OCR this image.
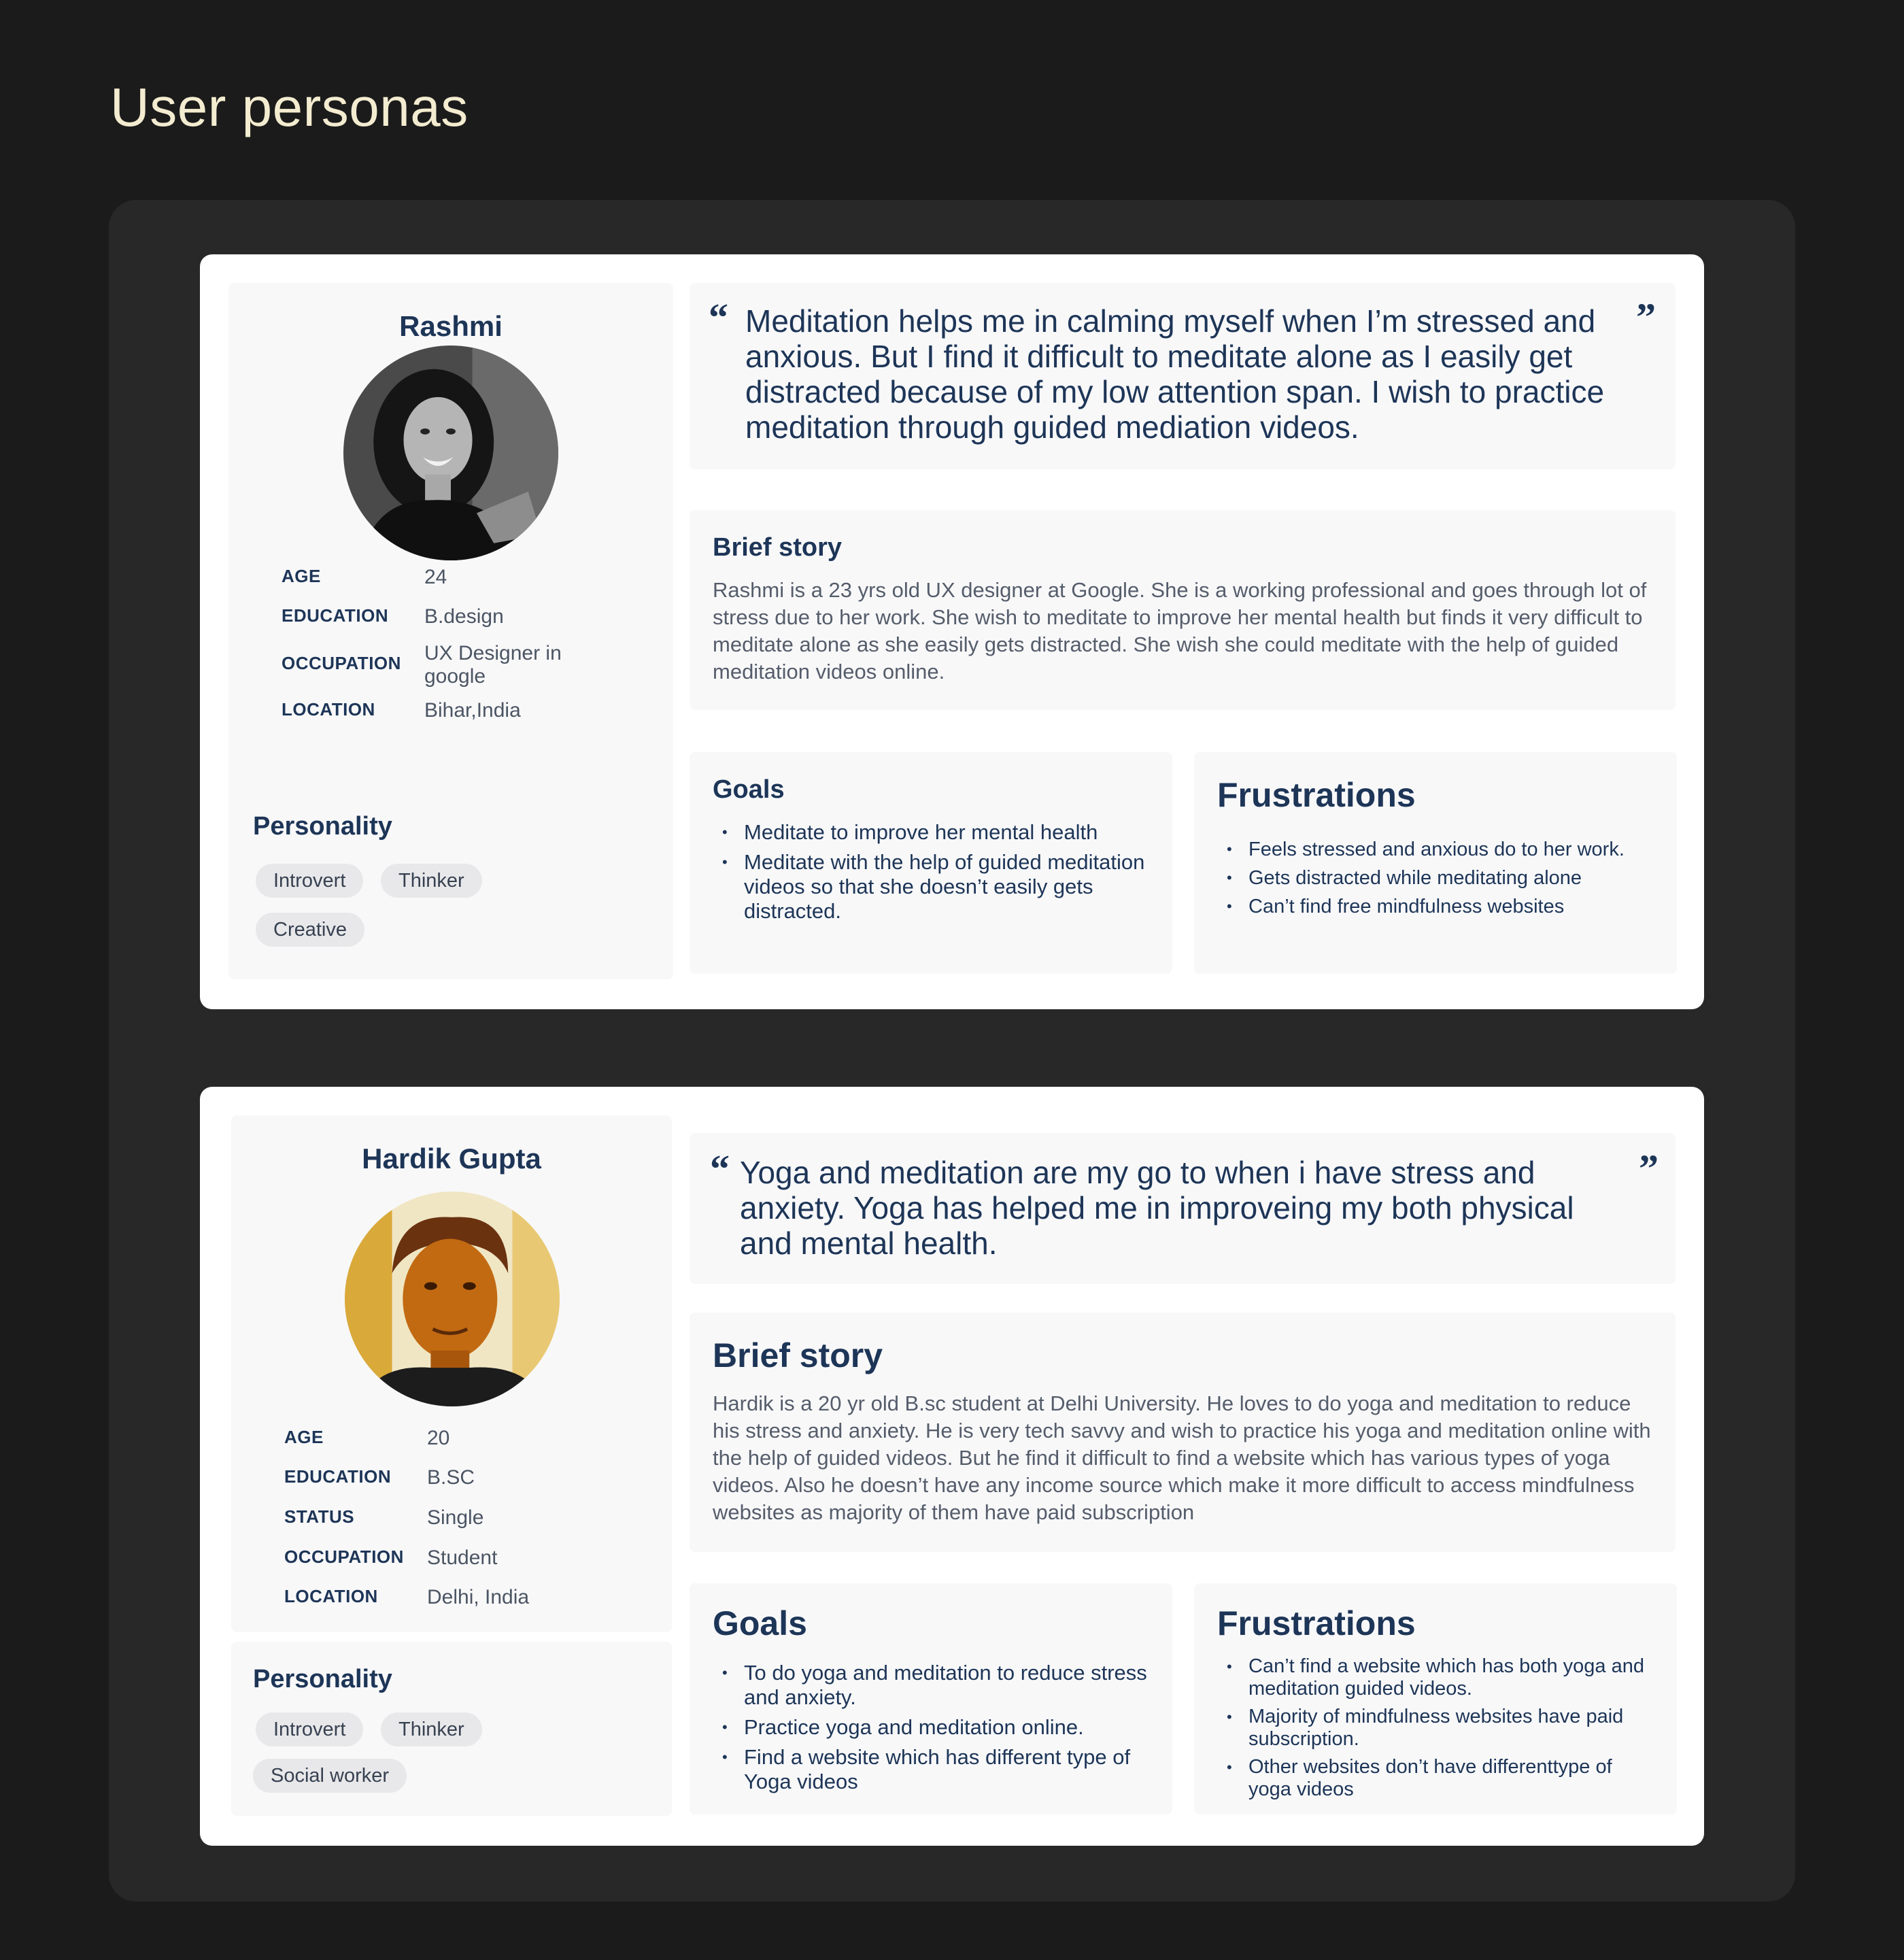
User personas
Rashmi
AGE	24
EDUCATION B.design
OCCUPATION UX Designer in google
LOCATION Bihar,India
Personality
Introvert	Thinker
Creative
“ Meditation helps me in calming myself when I’m stressed and anxious. But I find it difficult to meditate alone as I easily get distracted because of my low attention span. I wish to practice meditation through guided mediation videos.
”
Brief story
Rashmi is a 23 yrs old UX designer at Google. She is a working professional and goes through lot of stress due to her work. She wish to meditate to improve her mental health but finds it very difficult to meditate alone as she easily gets distracted. She wish she could meditate with the help of guided meditation videos online.
Goals
• Meditate to improve her mental health
• Meditate with the help of guided meditation videos so that she doesn’t easily gets distracted.
Frustrations
• Feels stressed and anxious do to her work.
• Gets distracted while meditating alone
• Can’t find free mindfulness websites
Hardik Gupta
AGE	20
EDUCATION B.SC
STATUS	Single
OCCUPATION Student
LOCATION Delhi, India
Personality
Introvert	Thinker
Social worker
“ Yoga and meditation are my go to when i have stress and anxiety. Yoga has helped me in improveing my both physical and mental health.
”
Brief story
Hardik is a 20 yr old B.sc student at Delhi University. He loves to do yoga and meditation to reduce his stress and anxiety. He is very tech savvy and wish to practice his yoga and meditation online with the help of guided videos. But he find it difficult to find a website which has various types of yoga videos. Also he doesn’t have any income source which make it more difficult to access mindfulness websites as majority of them have paid subscription
Goals
• To do yoga and meditation to reduce stress and anxiety.
• Practice yoga and meditation online.
• Find a website which has different type of Yoga videos
Frustrations
• Can’t find a website which has both yoga and meditation guided videos.
• Majority of mindfulness websites have paid subscription.
• Other websites don’t have differenttype of yoga videos
